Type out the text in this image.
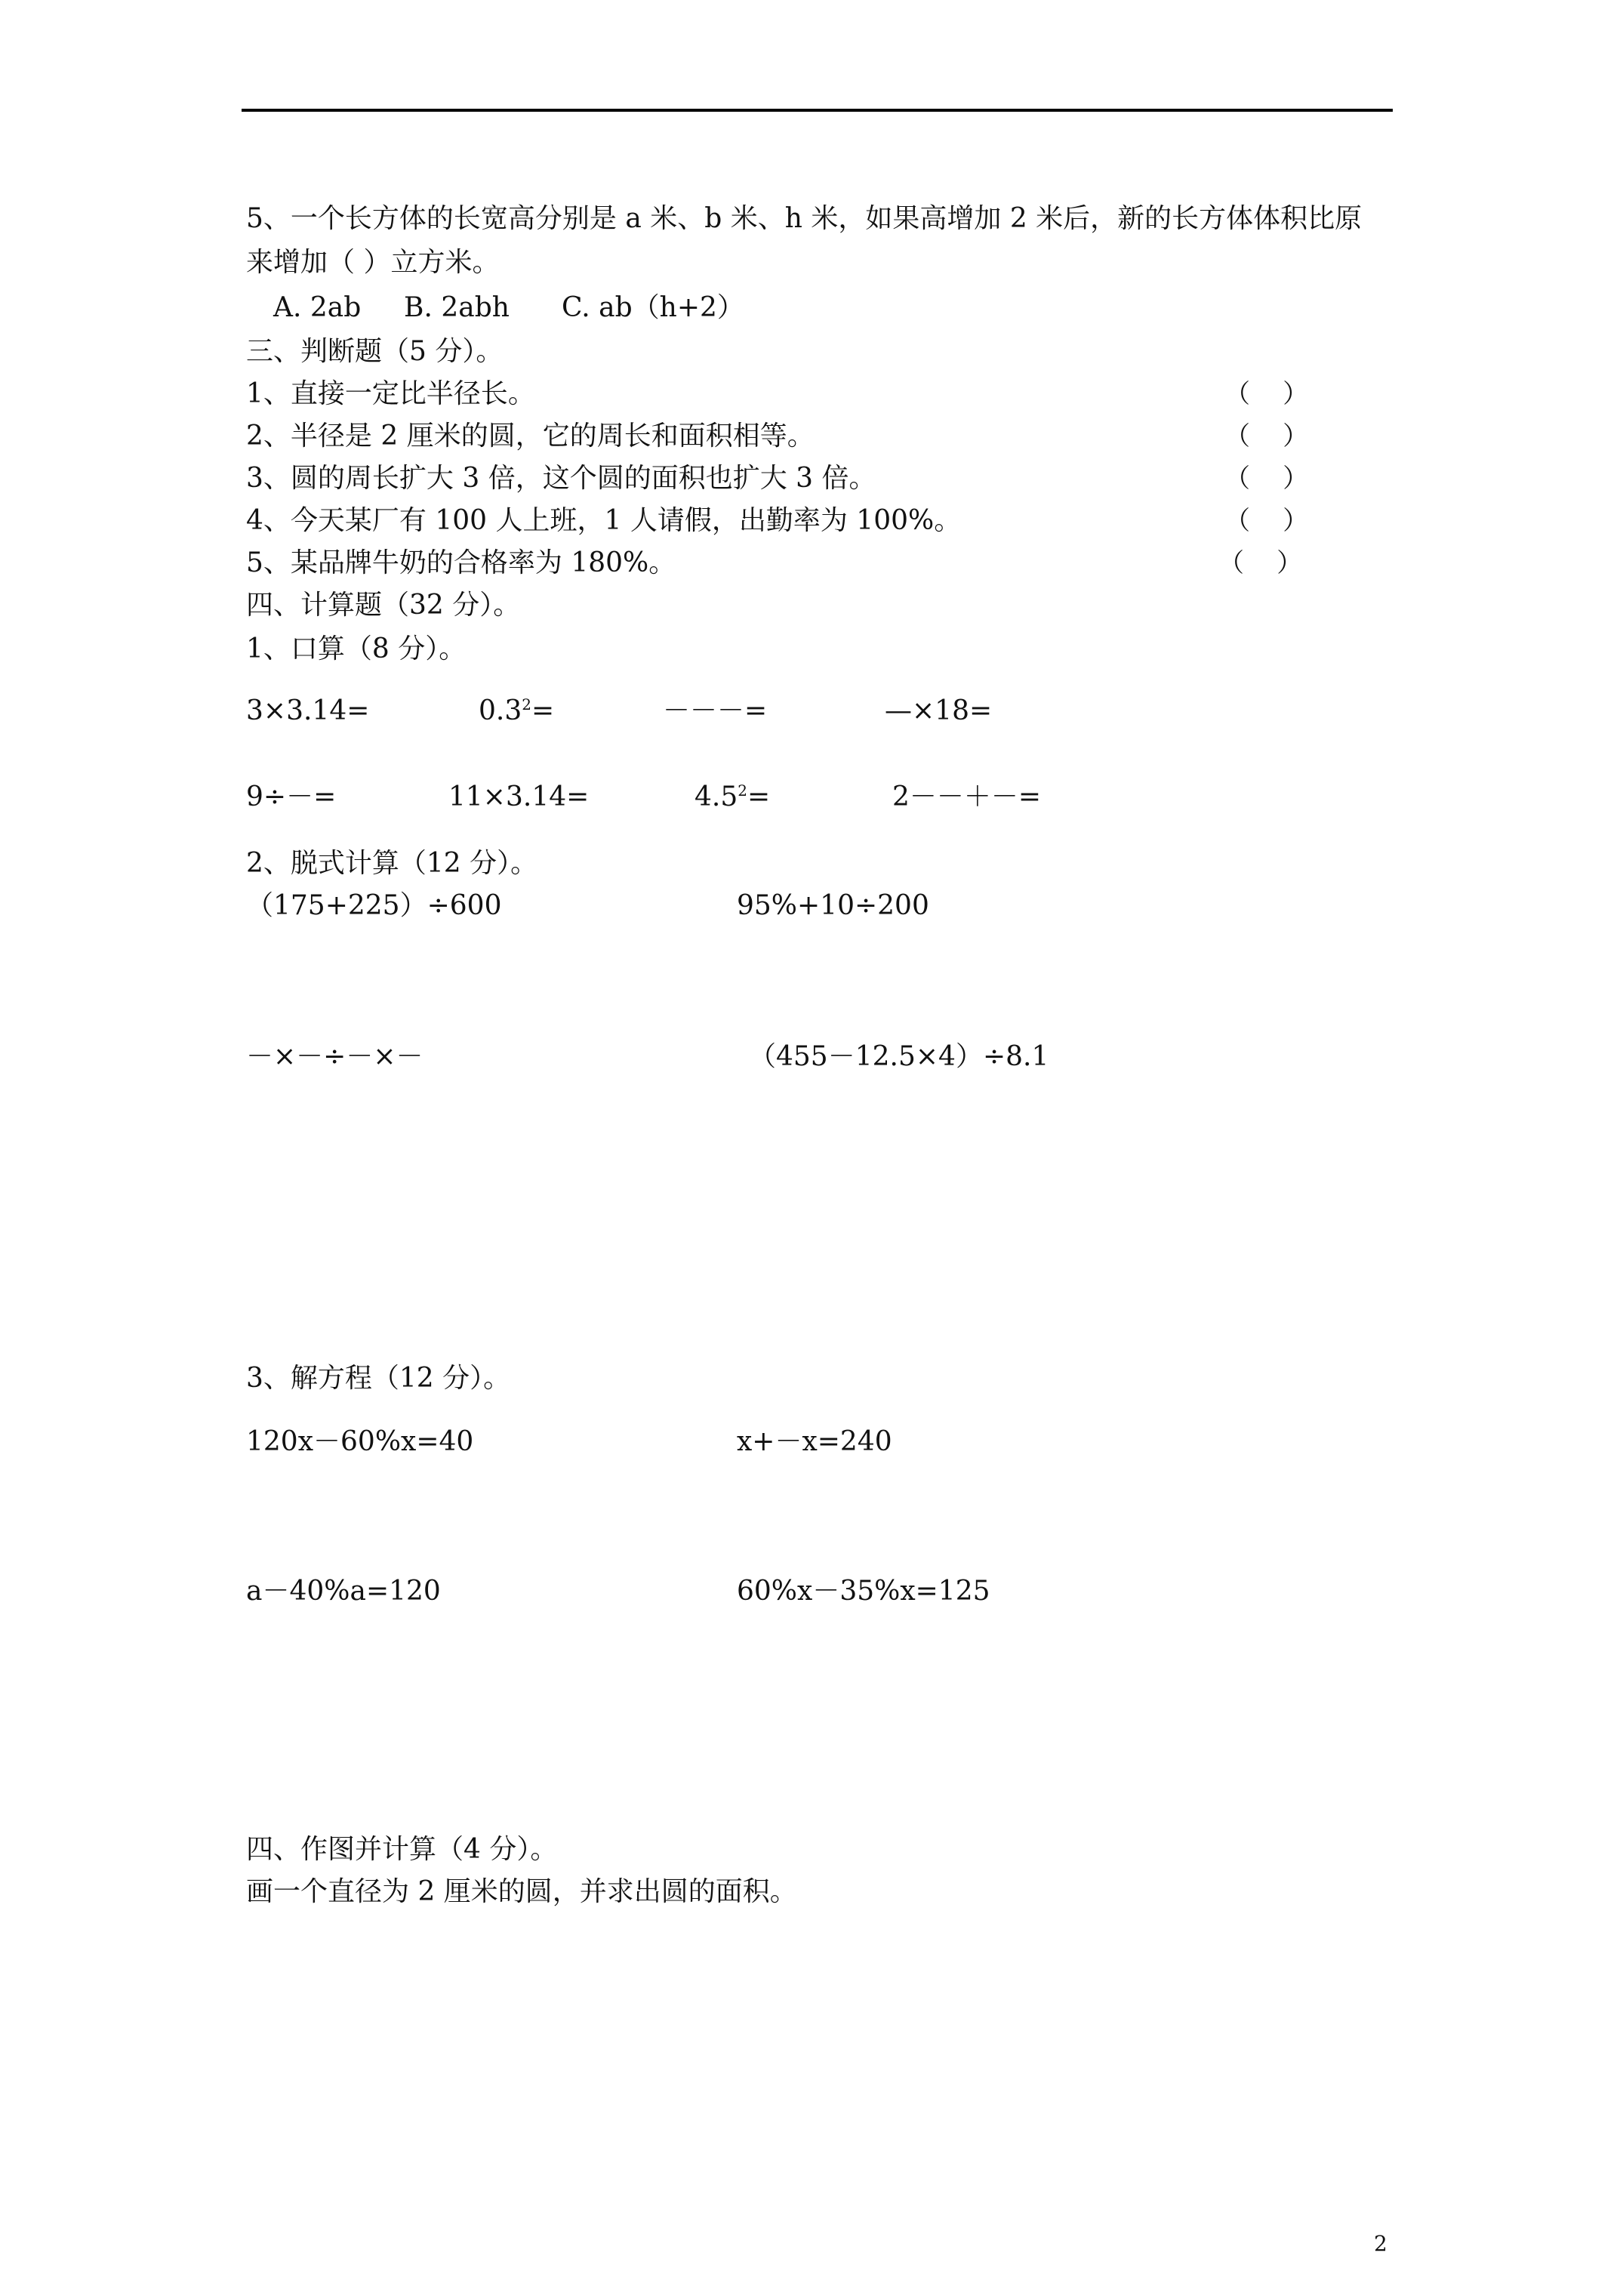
5、一个长方体的长宽高分别是 a 米、b 米、h 米，如果高增加 2 米后，新的长方体体积比原
来增加（ ）立方米。
A. 2ab B. 2abh C. ab（h+2）
三、判断题（5 分）。
1、直接一定比半径长。	（    ）
2、半径是 2 厘米的圆，它的周长和面积相等。	（    ）
3、圆的周长扩大 3 倍，这个圆的面积也扩大 3 倍。	（    ）
4、今天某厂有 100 人上班，1 人请假，出勤率为 100%。	（    ）
5、某品牌牛奶的合格率为 180%。	（    ）
四、计算题（32 分）。
1、口算（8 分）。
3×3.14=	$0.3^2=$	－－－=	—×18=
9÷－=	11×3.14=	$4.5^2=$	2－－＋－=
2、脱式计算（12 分）。
（175+225）÷600	95%+10÷200
－×－÷－×－	（455－12.5×4）÷8.1
3、解方程（12 分）。
120x－60%x=40	x+－x=240
a－40%a=120	60%x－35%x=125
四、作图并计算（4 分）。
画一个直径为 2 厘米的圆，并求出圆的面积。
2
